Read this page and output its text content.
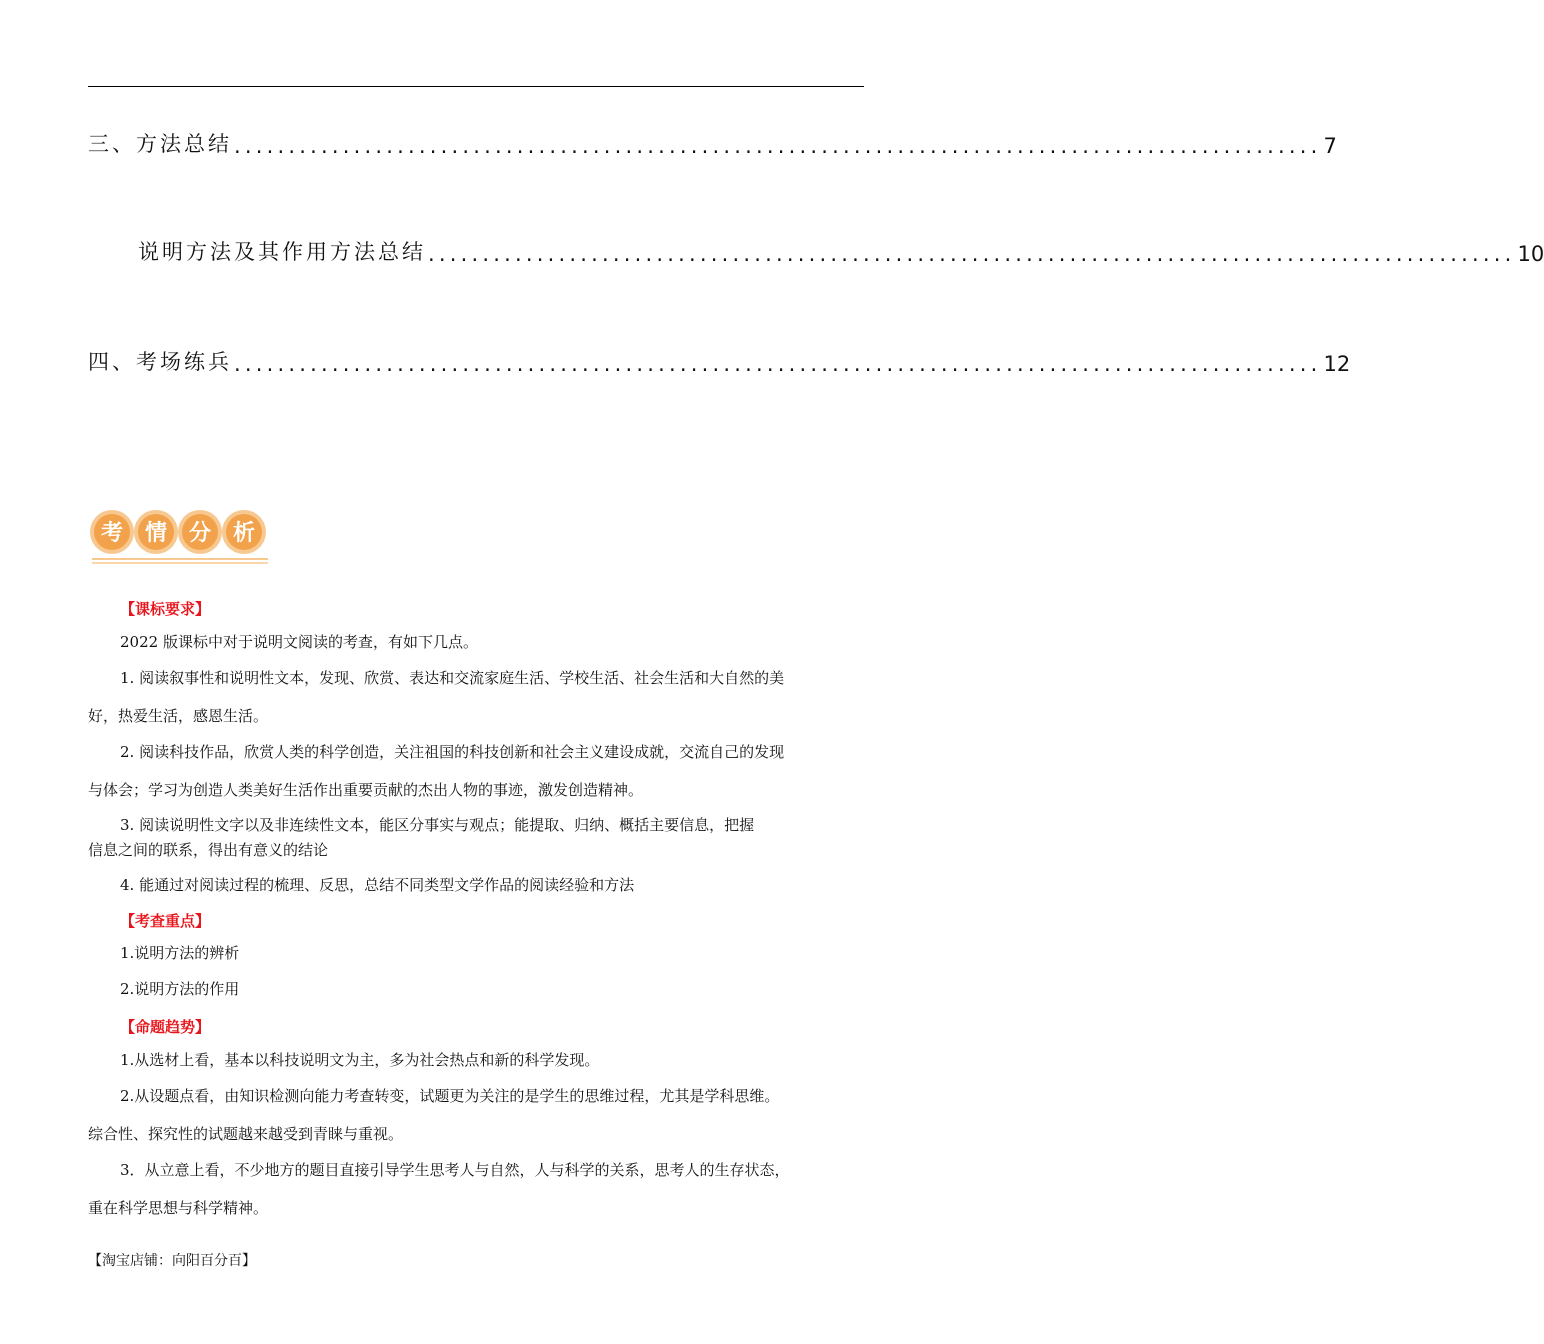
三、方法总结 .................................................................................................... 7
说明方法及其作用方法总结 .................................................................................................... 10
四、考场练兵 .................................................................................................... 12
考 情 分 析
【课标要求】
2022 版课标中对于说明文阅读的考查，有如下几点。
1. 阅读叙事性和说明性文本，发现、欣赏、表达和交流家庭生活、学校生活、社会生活和大自然的美
好，热爱生活，感恩生活。
2. 阅读科技作品，欣赏人类的科学创造，关注祖国的科技创新和社会主义建设成就，交流自己的发现
与体会；学习为创造人类美好生活作出重要贡献的杰出人物的事迹，激发创造精神。
3. 阅读说明性文字以及非连续性文本，能区分事实与观点；能提取、归纳、概括主要信息，把握
信息之间的联系，得出有意义的结论
4. 能通过对阅读过程的梳理、反思，总结不同类型文学作品的阅读经验和方法
【考查重点】
1.说明方法的辨析
2.说明方法的作用
【命题趋势】
1.从选材上看，基本以科技说明文为主，多为社会热点和新的科学发现。
2.从设题点看，由知识检测向能力考查转变，试题更为关注的是学生的思维过程，尤其是学科思维。
综合性、探究性的试题越来越受到青睐与重视。
3．从立意上看，不少地方的题目直接引导学生思考人与自然，人与科学的关系，思考人的生存状态，
重在科学思想与科学精神。
【淘宝店铺：向阳百分百】
